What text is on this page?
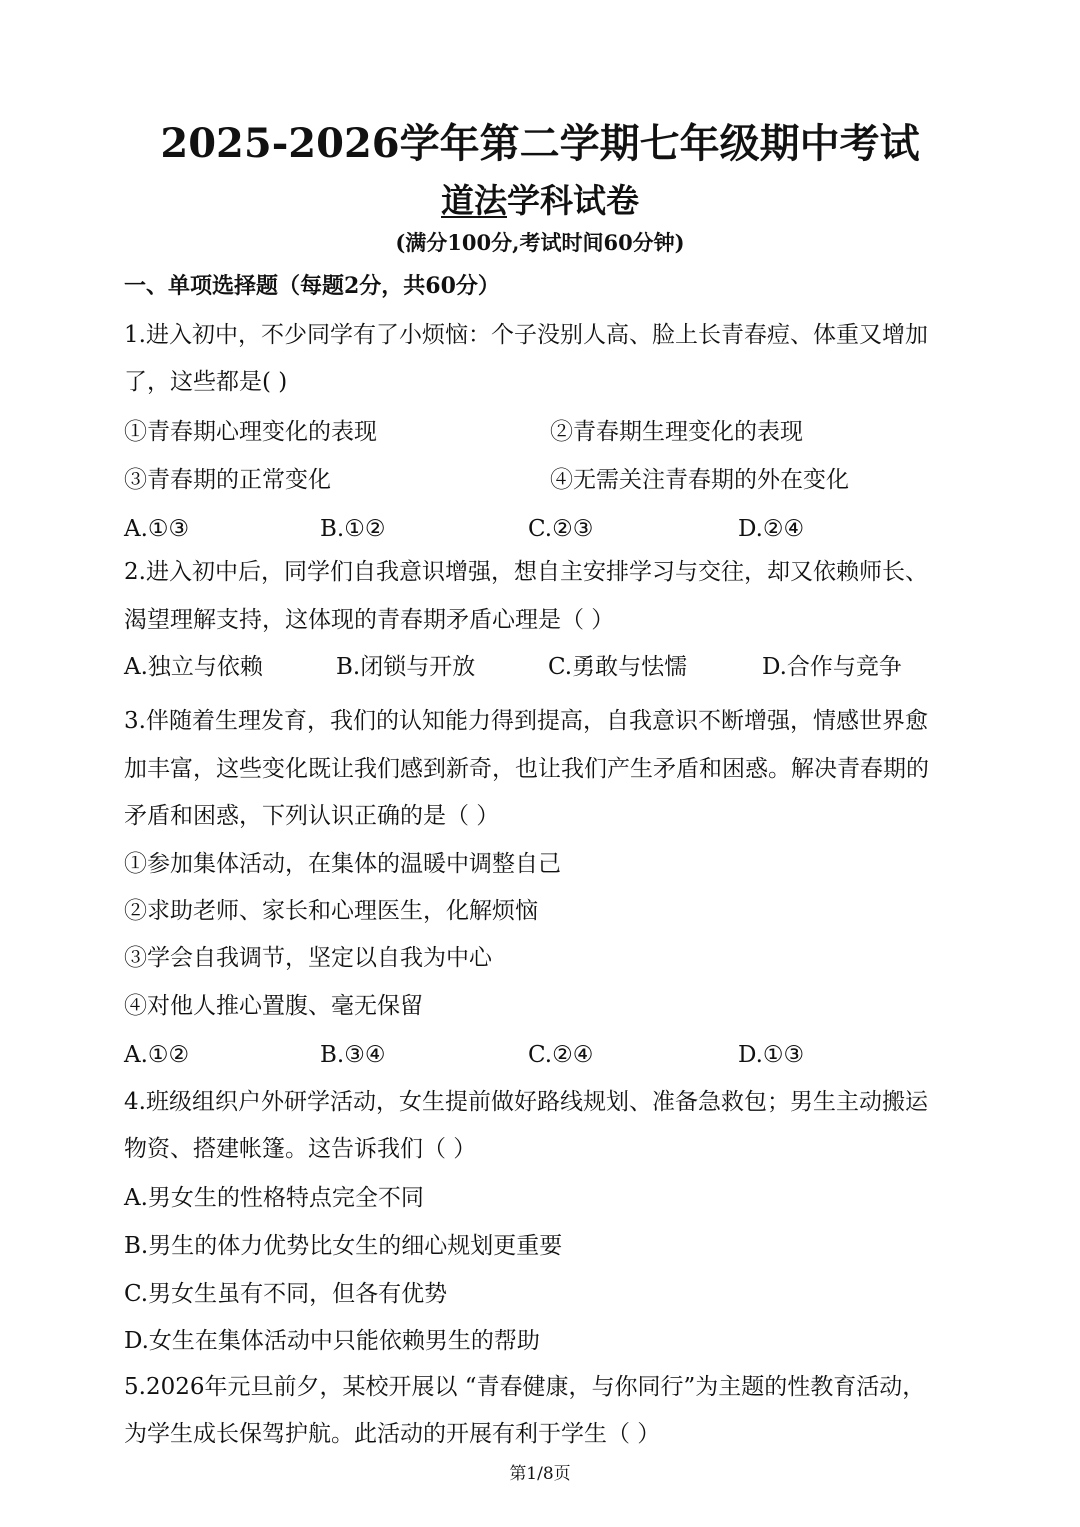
2025-2026学年第二学期七年级期中考试
道法学科试卷
(满分100分,考试时间60分钟)
一、单项选择题（每题2分，共60分）
1.进入初中，不少同学有了小烦恼：个子没别人高、脸上长青春痘、体重又增加
了，这些都是( )
①青春期心理变化的表现	②青春期生理变化的表现
③青春期的正常变化	④无需关注青春期的外在变化
A.①③	B.①②	C.②③	D.②④
2.进入初中后，同学们自我意识增强，想自主安排学习与交往，却又依赖师长、
渴望理解支持，这体现的青春期矛盾心理是（ ）
A.独立与依赖	B.闭锁与开放	C.勇敢与怯懦	D.合作与竞争
3.伴随着生理发育，我们的认知能力得到提高，自我意识不断增强，情感世界愈
加丰富，这些变化既让我们感到新奇，也让我们产生矛盾和困惑。解决青春期的
矛盾和困惑，下列认识正确的是（ ）
①参加集体活动，在集体的温暖中调整自己
②求助老师、家长和心理医生，化解烦恼
③学会自我调节，坚定以自我为中心
④对他人推心置腹、毫无保留
A.①②	B.③④	C.②④	D.①③
4.班级组织户外研学活动，女生提前做好路线规划、准备急救包；男生主动搬运
物资、搭建帐篷。这告诉我们（ ）
A.男女生的性格特点完全不同
B.男生的体力优势比女生的细心规划更重要
C.男女生虽有不同，但各有优势
D.女生在集体活动中只能依赖男生的帮助
5.2026年元旦前夕，某校开展以 “青春健康，与你同行”为主题的性教育活动，
为学生成长保驾护航。此活动的开展有利于学生（ ）
第1/8页
